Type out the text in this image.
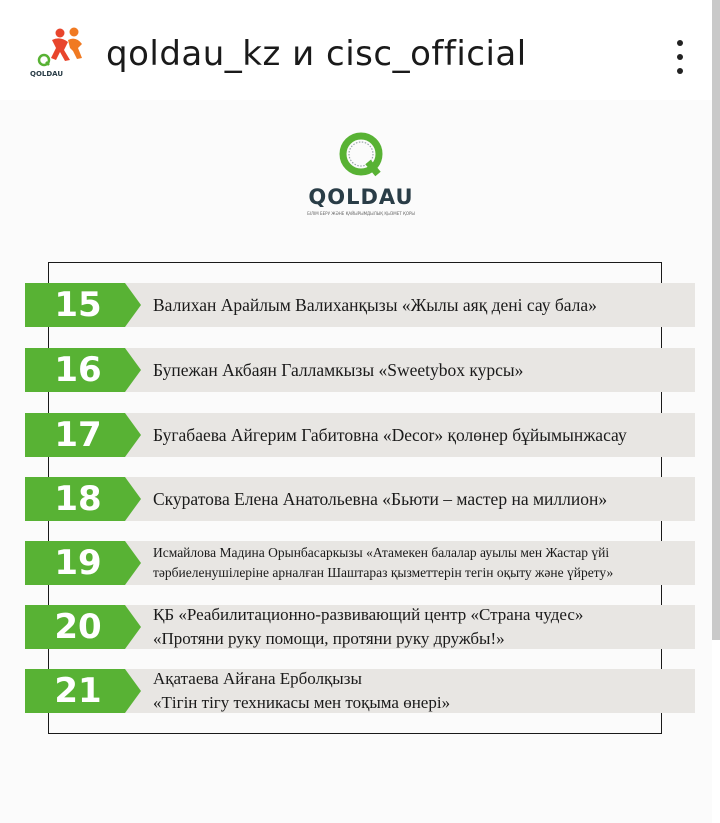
QOLDAU qoldau_kz и cisc_official
QOLDAU
БІЛІМ БЕРУ ЖӘНЕ ҚАЙЫРЫМДЫЛЫҚ ҚЫЗМЕТ ҚОРЫ
15	Валихан Арайлым Валиханқызы «Жылы аяқ дені сау бала»
16	Бупежан Акбаян Галламкызы «Sweetybox курсы»
17	Бугабаева Айгерим Габитовна «Decor» қолөнер бұйымынжасау
18	Скуратова Елена Анатольевна «Бьюти – мастер на миллион»
19	Исмайлова Мадина Орынбасаркызы «Атамекен балалар ауылы мен Жастар үйі
тәрбиеленушілеріне арналған Шаштараз қызметтерін тегін оқыту және үйрету»
20	ҚБ «Реабилитационно-развивающий центр «Страна чудес»
«Протяни руку помощи, протяни руку дружбы!»
21	Ақатаева Айғана Ерболқызы
«Тігін тігу техникасы мен тоқыма өнері»
